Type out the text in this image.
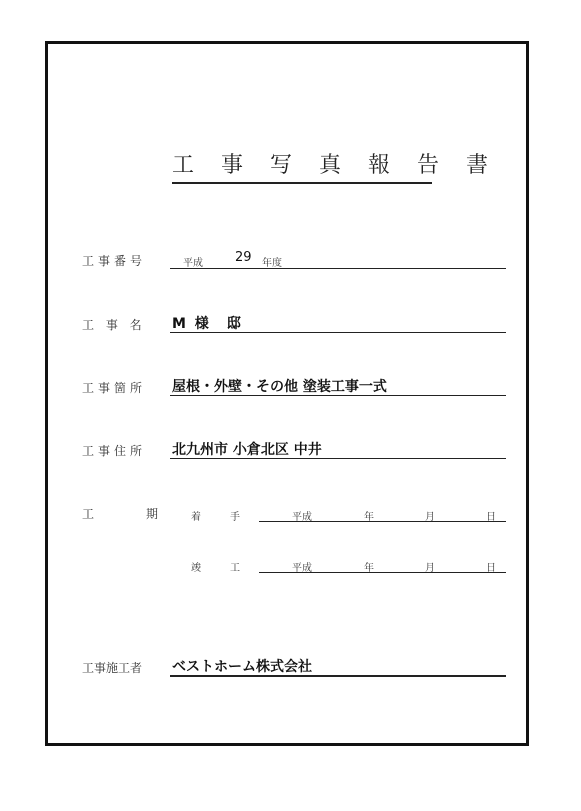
工 事 写 真 報 告 書
工事番号	平成 29 年度
工 事 名 M 様　邸
工事箇所 屋根・外壁・その他 塗装工事一式
工事住所 北九州市 小倉北区 中井
工　　　期	着　　手	平成	年	月	日
竣　　工	平成	年	月	日
工事施工者 ベストホーム株式会社
